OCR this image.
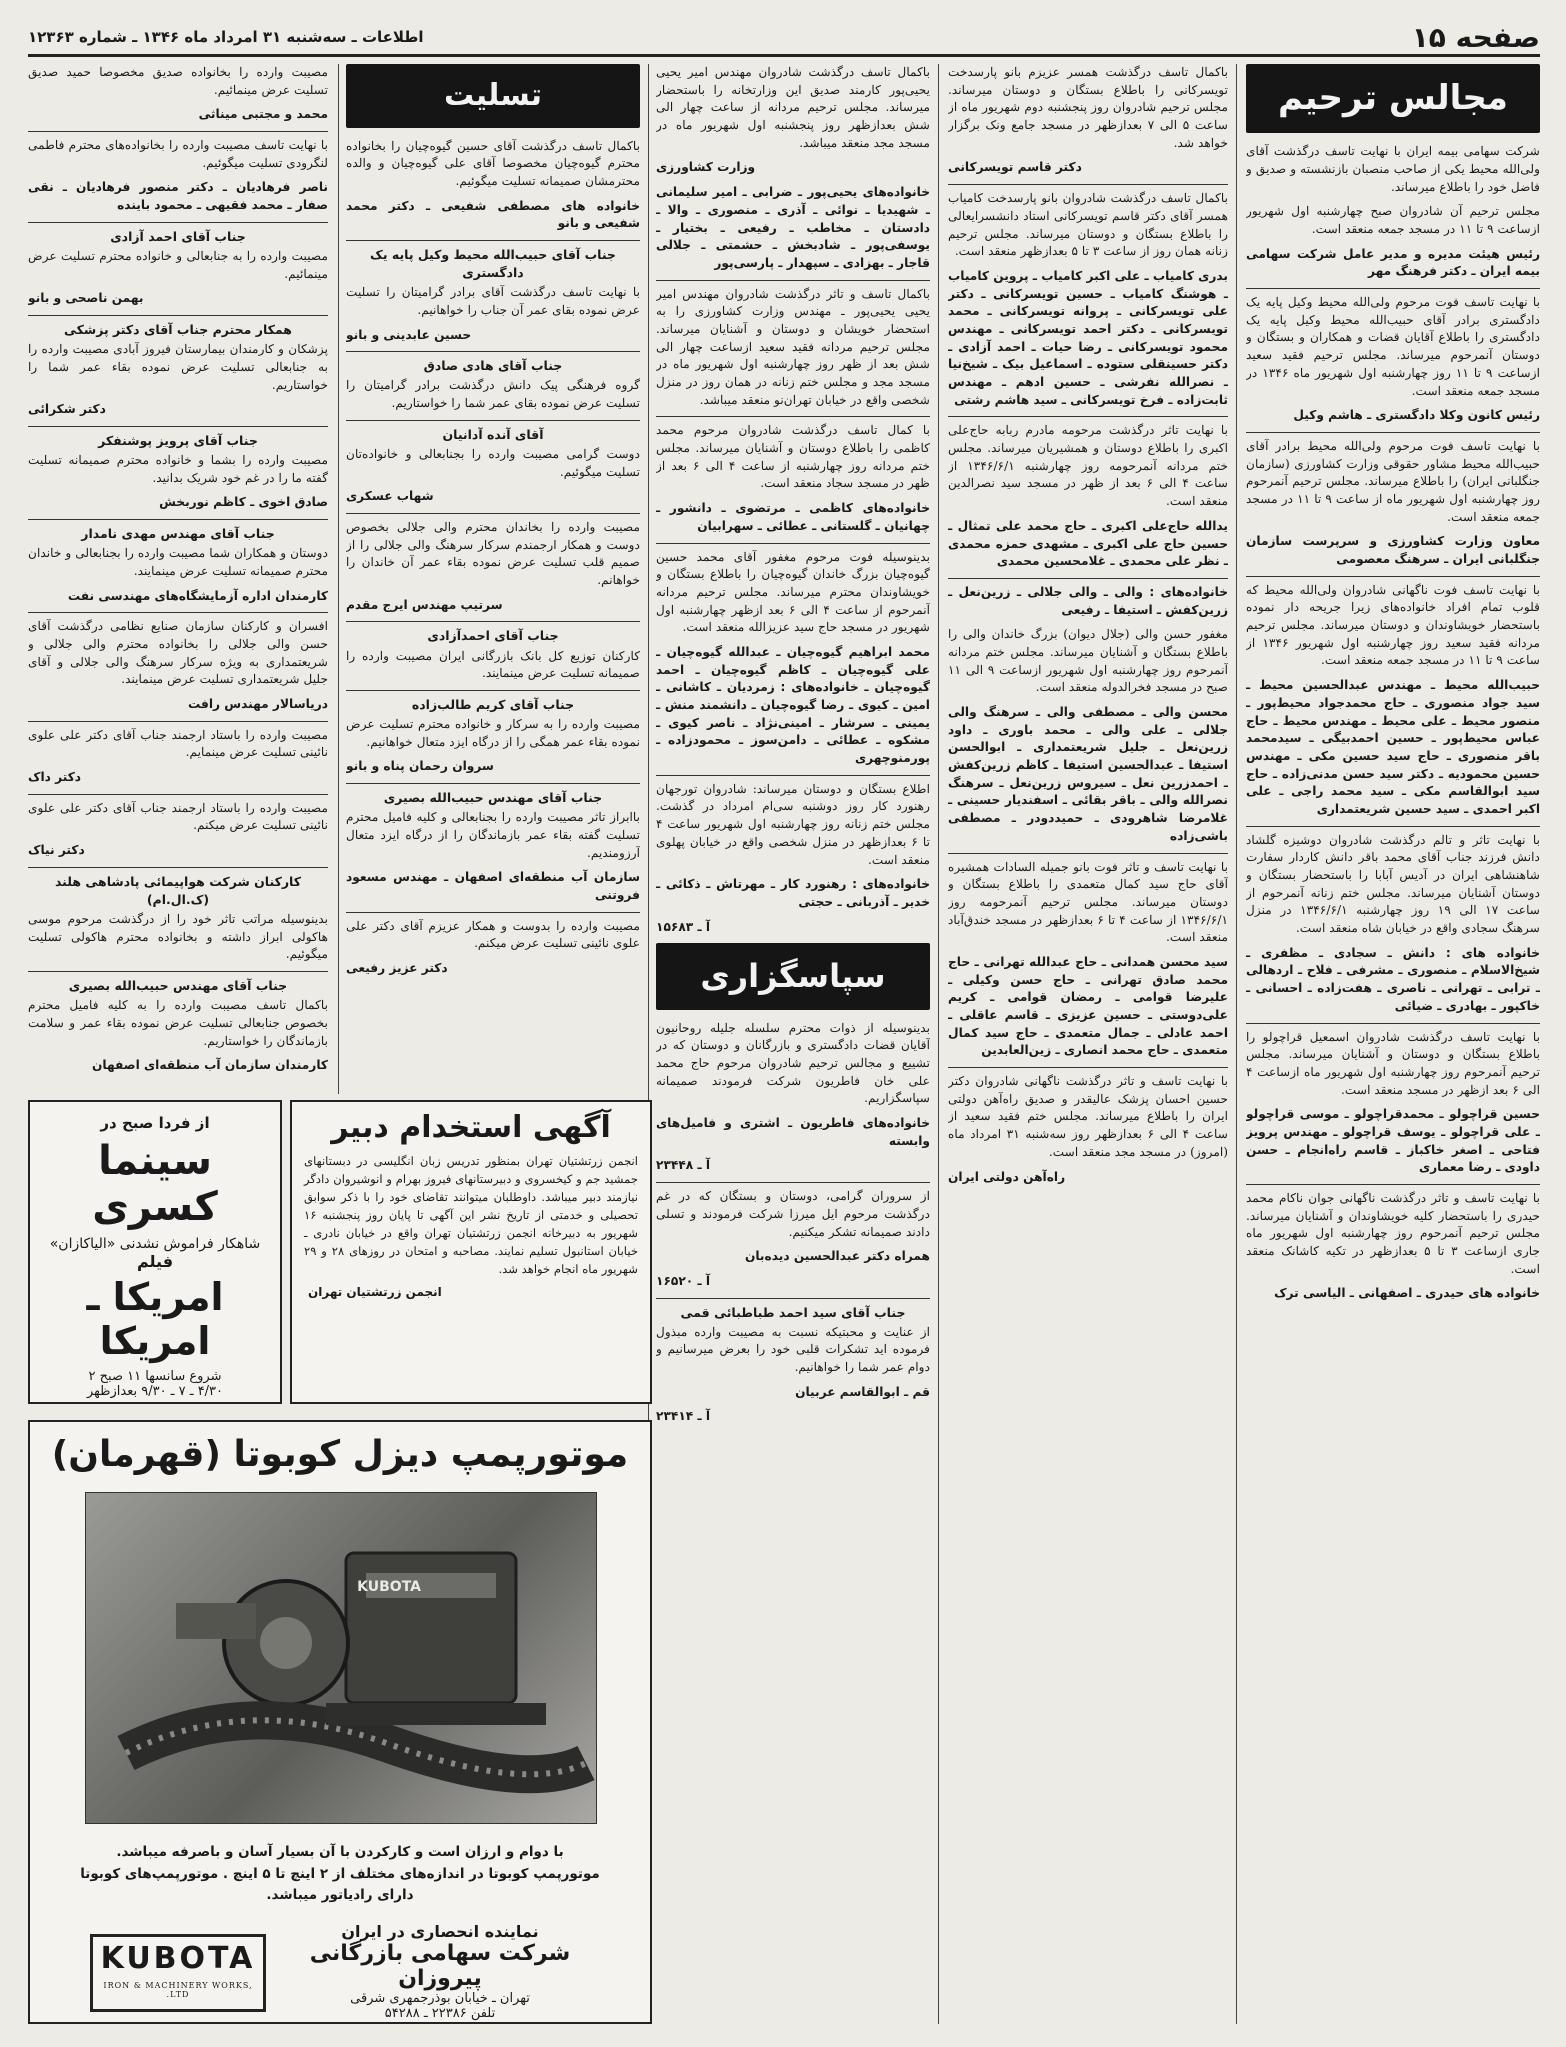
صفحه ۱۵
اطلاعات ـ سه‌شنبه ۳۱ امرداد ماه ۱۳۴۶ ـ شماره ۱۲۳۶۳
مجالس ترحیم

شرکت سهامی بیمه ایران با نهایت تاسف درگذشت آقای ولی‌الله محیط یکی از صاحب منصبان بازنشسته و صدیق و فاضل خود را باطلاع میرساند.

مجلس ترحیم آن شادروان صبح چهارشنبه اول شهریور ازساعت ۹ تا ۱۱ در مسجد جمعه منعقد است.

رئیس هیئت مدیره و مدیر عامل شرکت سهامی بیمه ایران ـ دکتر فرهنگ مهر

با نهایت تاسف فوت مرحوم ولی‌الله محیط وکیل پایه یک دادگستری برادر آقای حبیب‌الله محیط وکیل پایه یک دادگستری را باطلاع آقایان قضات و همکاران و بستگان و دوستان آنمرحوم میرساند. مجلس ترحیم فقید سعید ازساعت ۹ تا ۱۱ روز چهارشنبه اول شهریور ماه ۱۳۴۶ در مسجد جمعه منعقد است.

رئیس کانون وکلا دادگستری ـ هاشم وکیل

با نهایت تاسف فوت مرحوم ولی‌الله محیط برادر آقای حبیب‌الله محیط مشاور حقوقی وزارت کشاورزی (سازمان جنگلبانی ایران) را باطلاع میرساند. مجلس ترحیم آنمرحوم روز چهارشنبه اول شهریور ماه از ساعت ۹ تا ۱۱ در مسجد جمعه منعقد است.

معاون وزارت کشاورزی و سرپرست سازمان جنگلبانی ایران ـ سرهنگ معصومی

با نهایت تاسف فوت ناگهانی شادروان ولی‌الله محیط که قلوب تمام افراد خانواده‌های زیرا جریحه دار نموده باستحضار خویشاوندان و دوستان میرساند. مجلس ترحیم مردانه فقید سعید روز چهارشنبه اول شهریور ۱۳۴۶ از ساعت ۹ تا ۱۱ در مسجد جمعه منعقد است.

حبیب‌الله محیط ـ مهندس عبدالحسین محیط ـ سید جواد منصوری ـ حاج محمدجواد محیط‌پور ـ منصور محیط ـ علی محیط ـ مهندس محیط ـ حاج عباس محیط‌پور ـ حسین احمدبیگی ـ سیدمحمد باقر منصوری ـ حاج سید حسین مکی ـ مهندس حسین محمودیه ـ دکتر سید حسن مدنی‌زاده ـ حاج سید ابوالقاسم مکی ـ سید محمد راجی ـ علی اکبر احمدی ـ سید حسین شریعتمداری

با نهایت تاثر و تالم درگذشت شادروان دوشیزه گلشاد دانش فرزند جناب آقای محمد باقر دانش کاردار سفارت شاهنشاهی ایران در آدیس آبابا را باستحضار بستگان و دوستان آشنایان میرساند. مجلس ختم زنانه آنمرحوم از ساعت ۱۷ الی ۱۹ روز چهارشنبه ۱۳۴۶/۶/۱ در منزل سرهنگ سجادی واقع در خیابان شاه منعقد است.

خانواده های : دانش ـ سجادی ـ مظفری ـ شیخ‌الاسلام ـ منصوری ـ مشرفی ـ فلاح ـ اردهالی ـ ترابی ـ تهرانی ـ ناصری ـ هفت‌زاده ـ احسانی ـ خاکپور ـ بهادری ـ ضیائی

با نهایت تاسف درگذشت شادروان اسمعیل قراچولو را باطلاع بستگان و دوستان و آشنایان میرساند. مجلس ترحیم آنمرحوم روز چهارشنبه اول شهریور ماه ازساعت ۴ الی ۶ بعد ازظهر در مسجد منعقد است.

حسین قراچولو ـ محمدقراچولو ـ موسی قراچولو ـ علی قراچولو ـ یوسف قراچولو ـ مهندس پرویز فتاحی ـ اصغر خاکباز ـ قاسم راه‌انجام ـ حسن داودی ـ رضا معماری

با نهایت تاسف و تاثر درگذشت ناگهانی جوان ناکام محمد حیدری را باستحضار کلیه خویشاوندان و آشنایان میرساند. مجلس ترحیم آنمرحوم روز چهارشنبه اول شهریور ماه جاری ازساعت ۳ تا ۵ بعدازظهر در تکیه کاشانک منعقد است.

خانواده های حیدری ـ اصفهانی ـ الیاسی ترک

باکمال تاسف درگذشت همسر عزیزم بانو پارسدخت تویسرکانی را باطلاع بستگان و دوستان میرساند. مجلس ترحیم شادروان روز پنجشنبه دوم شهریور ماه از ساعت ۵ الی ۷ بعدازظهر در مسجد جامع ونک برگزار خواهد شد.

دکتر قاسم تویسرکانی

باکمال تاسف درگذشت شادروان بانو پارسدخت کامیاب همسر آقای دکتر قاسم تویسرکانی استاد دانشسرایعالی را باطلاع بستگان و دوستان میرساند. مجلس ترحیم زنانه همان روز از ساعت ۳ تا ۵ بعدازظهر منعقد است.

بدری کامیاب ـ علی اکبر کامیاب ـ پروین کامیاب ـ هوشنگ کامیاب ـ حسین تویسرکانی ـ دکتر علی تویسرکانی ـ پروانه تویسرکانی ـ محمد تویسرکانی ـ دکتر احمد تویسرکانی ـ مهندس محمود تویسرکانی ـ رضا حیات ـ احمد آزادی ـ دکتر حسینقلی ستوده ـ اسماعیل بیک ـ شیخ‌نیا ـ نصرالله نفرشی ـ حسین ادهم ـ مهندس ثابت‌زاده ـ فرخ تویسرکانی ـ سید هاشم رشتی

با نهایت تاثر درگذشت مرحومه مادرم ربابه حاج‌علی اکبری را باطلاع دوستان و همشیریان میرساند. مجلس ختم مردانه آنمرحومه روز چهارشنبه ۱۳۴۶/۶/۱ از ساعت ۴ الی ۶ بعد از ظهر در مسجد سید نصرالدین منعقد است.

یدالله حاج‌علی اکبری ـ حاج محمد علی تمثال ـ حسین حاج علی اکبری ـ مشهدی حمزه محمدی ـ نظر علی محمدی ـ غلامحسین محمدی

خانواده‌های : والی ـ والی جلالی ـ زرین‌نعل ـ زرین‌کفش ـ استیفا ـ رفیعی

مغفور حسن والی (جلال دیوان) بزرگ خاندان والی را باطلاع بستگان و آشنایان میرساند. مجلس ختم مردانه آنمرحوم روز چهارشنبه اول شهریور ازساعت ۹ الی ۱۱ صبح در مسجد فخرالدوله منعقد است.

محسن والی ـ مصطفی والی ـ سرهنگ والی جلالی ـ علی والی ـ محمد باوری ـ داود زرین‌نعل ـ جلیل شریعتمداری ـ ابوالحسن استیفا ـ عبدالحسین استیفا ـ کاظم زرین‌کفش ـ احمدزرین نعل ـ سیروس زرین‌نعل ـ سرهنگ نصرالله والی ـ باقر بقائی ـ اسفندیار حسینی ـ غلامرضا شاهرودی ـ حمیددودر ـ مصطفی باشی‌زاده

با نهایت تاسف و تاثر فوت بانو جمیله السادات همشیره آقای حاج سید کمال متعمدی را باطلاع بستگان و دوستان میرساند. مجلس ترحیم آنمرحومه روز ۱۳۴۶/۶/۱ از ساعت ۴ تا ۶ بعدازظهر در مسجد خندق‌آباد منعقد است.

سید محسن همدانی ـ حاج عبدالله تهرانی ـ حاج محمد صادق تهرانی ـ حاج حسن وکیلی ـ علیرضا قوامی ـ رمضان قوامی ـ کریم علی‌دوستی ـ حسین عزیزی ـ قاسم عاقلی ـ احمد عادلی ـ جمال متعمدی ـ حاج سید کمال متعمدی ـ حاج محمد انصاری ـ زین‌العابدین

با نهایت تاسف و تاثر درگذشت ناگهانی شادروان دکتر حسین احسان پزشک عالیقدر و صدیق راه‌آهن دولتی ایران را باطلاع میرساند. مجلس ختم فقید سعید از ساعت ۴ الی ۶ بعدازظهر روز سه‌شنبه ۳۱ امرداد ماه (امروز) در مسجد مجد منعقد است.

راه‌آهن دولتی ایران

باکمال تاسف درگذشت شادروان مهندس امیر یحیی یحیی‌پور کارمند صدیق این وزارتخانه را باستحضار میرساند. مجلس ترحیم مردانه از ساعت چهار الی شش بعدازظهر روز پنجشنبه اول شهریور ماه در مسجد مجد منعقد میباشد.

وزارت کشاورزی

خانواده‌های یحیی‌پور ـ ضرابی ـ امیر سلیمانی ـ شهیدیا ـ نوائی ـ آذری ـ منصوری ـ والا ـ دادستان ـ مخاطب ـ رفیعی ـ بختیار ـ یوسفی‌پور ـ شادبخش ـ حشمتی ـ جلالی قاجار ـ بهزادی ـ سپهدار ـ پارسی‌پور

باکمال تاسف و تاثر درگذشت شادروان مهندس امیر یحیی یحیی‌پور ـ مهندس وزارت کشاورزی را به استحضار خویشان و دوستان و آشنایان میرساند. مجلس ترحیم مردانه فقید سعید ازساعت چهار الی شش بعد از ظهر روز چهارشنبه اول شهریور ماه در مسجد مجد و مجلس ختم زنانه در همان روز در منزل شخصی واقع در خیابان تهران‌نو منعقد میباشد.

با کمال تاسف درگذشت شادروان مرحوم محمد کاظمی را باطلاع دوستان و آشنایان میرساند. مجلس ختم مردانه روز چهارشنبه از ساعت ۴ الی ۶ بعد از ظهر در مسجد سجاد منعقد است.

خانواده‌های کاظمی ـ مرتضوی ـ دانشور ـ چهانیان ـ گلستانی ـ عطائی ـ سهرابیان

بدینوسیله فوت مرحوم مغفور آقای محمد حسین گیوه‌چیان بزرگ خاندان گیوه‌چیان را باطلاع بستگان و خویشاوندان محترم میرساند. مجلس ترحیم مردانه آنمرحوم از ساعت ۴ الی ۶ بعد ازظهر چهارشنبه اول شهریور در مسجد حاج سید عزیزالله منعقد است.

محمد ابراهیم گیوه‌چیان ـ عبدالله گیوه‌چیان ـ علی گیوه‌چیان ـ کاظم گیوه‌چیان ـ احمد گیوه‌چیان ـ خانواده‌های : زمردیان ـ کاشانی ـ امین ـ کیوی ـ رضا گیوه‌چیان ـ دانشمند منش ـ یمینی ـ سرشار ـ امینی‌نژاد ـ ناصر کیوی ـ مشکوه ـ عطائی ـ دامن‌سوز ـ محمودزاده ـ پورمنوچهری

اطلاع بستگان و دوستان میرساند: شادروان تورجهان رهنورد کار روز دوشنبه سی‌ام امرداد در گذشت. مجلس ختم زنانه روز چهارشنبه اول شهریور ساعت ۴ تا ۶ بعدازظهر در منزل شخصی واقع در خیابان پهلوی منعقد است.

خانواده‌های : رهنورد کار ـ مهرتاش ـ ذکائی ـ خدیر ـ آذربانی ـ حجتی

آ ـ ۱۵۶۸۳

سپاسگزاری

بدینوسیله از ذوات محترم سلسله جلیله روحانیون آقایان قضات دادگستری و بازرگانان و دوستان که در تشییع و مجالس ترحیم شادروان مرحوم حاج محمد علی خان فاطریون شرکت فرمودند صمیمانه سپاسگزاریم.

خانواده‌های فاطریون ـ اشتری و فامیل‌های وابسته

آ ـ ۲۳۴۴۸

از سروران گرامی، دوستان و بستگان که در غم درگذشت مرحوم ایل میرزا شرکت فرمودند و تسلی دادند صمیمانه تشکر میکنیم.

همراه دکتر عبدالحسین دیده‌بان

آ ـ ۱۶۵۲۰

جناب آقای سید احمد طباطبائی قمی

از عنایت و محبتیکه نسبت به مصیبت وارده مبذول فرموده اید تشکرات قلبی خود را بعرض میرسانیم و دوام عمر شما را خواهانیم.

قم ـ ابوالقاسم عربیان

آ ـ ۲۳۴۱۴

تسلیت

باکمال تاسف درگذشت آقای حسین گیوه‌چیان را بخانواده محترم گیوه‌چیان مخصوصا آقای علی گیوه‌چیان و والده محترمشان صمیمانه تسلیت میگوئیم.

خانواده های مصطفی شفیعی ـ دکتر محمد شفیعی و بانو

جناب آقای حبیب‌الله محیط وکیل پایه یک دادگستری

با نهایت تاسف درگذشت آقای برادر گرامیتان را تسلیت عرض نموده بقای عمر آن جناب را خواهانیم.

حسین عابدینی و بانو

جناب آقای هادی صادق

گروه فرهنگی پیک دانش درگذشت برادر گرامیتان را تسلیت عرض نموده بقای عمر شما را خواستاریم.

آقای آنده آدانیان

دوست گرامی مصیبت وارده را بجنابعالی و خانواده‌تان تسلیت میگوئیم.

شهاب عسکری

مصیبت وارده را بخاندان محترم والی جلالی بخصوص دوست و همکار ارجمندم سرکار سرهنگ والی جلالی را از صمیم قلب تسلیت عرض نموده بقاء عمر آن خاندان را خواهانم.

سرتیپ مهندس ایرج مقدم

جناب آقای احمدآزادی

کارکنان توزیع کل بانک بازرگانی ایران مصیبت وارده را صمیمانه تسلیت عرض مینمایند.

جناب آقای کریم طالب‌زاده

مصیبت وارده را به سرکار و خانواده محترم تسلیت عرض نموده بقاء عمر همگی را از درگاه ایزد متعال خواهانیم.

سروان رحمان پناه و بانو

جناب آقای مهندس حبیب‌الله بصیری

باابراز تاثر مصیبت وارده را بجنابعالی و کلیه فامیل محترم تسلیت گفته بقاء عمر بازماندگان را از درگاه ایزد متعال آرزومندیم.

سازمان آب منطقه‌ای اصفهان ـ مهندس مسعود فروتنی

مصیبت وارده را بدوست و همکار عزیزم آقای دکتر علی علوی نائینی تسلیت عرض میکنم.

دکتر عزیز رفیعی

مصیبت وارده را بخانواده صدیق مخصوصا حمید صدیق تسلیت عرض مینمائیم.

محمد و مجتبی میناثی

با نهایت تاسف مصیبت وارده را بخانواده‌های محترم فاطمی لنگرودی تسلیت میگوئیم.

ناصر فرهادیان ـ دکتر منصور فرهادیان ـ نقی صفار ـ محمد فقیهی ـ محمود باینده

جناب آقای احمد آزادی

مصیبت وارده را به جنابعالی و خانواده محترم تسلیت عرض مینمائیم.

بهمن ناصحی و بانو

همکار محترم جناب آقای دکتر پزشکی

پزشکان و کارمندان بیمارستان فیروز آبادی مصیبت وارده را به جنابعالی تسلیت عرض نموده بقاء عمر شما را خواستاریم.

دکتر شکرائی

جناب آقای پرویز پوشنفکر

مصیبت وارده را بشما و خانواده محترم صمیمانه تسلیت گفته ما را در غم خود شریک بدانید.

صادق اخوی ـ کاظم نوربخش

جناب آقای مهندس مهدی نامدار

دوستان و همکاران شما مصیبت وارده را بجنابعالی و خاندان محترم صمیمانه تسلیت عرض مینمایند.

کارمندان اداره آزمایشگاه‌های مهندسی نفت

افسران و کارکنان سازمان صنایع نظامی درگذشت آقای حسن والی جلالی را بخانواده محترم والی جلالی و شریعتمداری به ویژه سرکار سرهنگ والی جلالی و آقای جلیل شریعتمداری تسلیت عرض مینمایند.

دریاسالار مهندس رافت

مصیبت وارده را باستاد ارجمند جناب آقای دکتر علی علوی نائینی تسلیت عرض مینمایم.

دکتر داک

مصیبت وارده را باستاد ارجمند جناب آقای دکتر علی علوی نائینی تسلیت عرض میکنم.

دکتر نیاک

کارکنان شرکت هواپیمائی پادشاهی هلند (ک.ال.ام)

بدینوسیله مراتب تاثر خود را از درگذشت مرحوم موسی هاکولی ابراز داشته و بخانواده محترم هاکولی تسلیت میگوئیم.

جناب آقای مهندس حبیب‌الله بصیری

باکمال تاسف مصیبت وارده را به کلیه فامیل محترم بخصوص جنابعالی تسلیت عرض نموده بقاء عمر و سلامت بازماندگان را خواستاریم.

کارمندان سازمان آب منطقه‌ای اصفهان

از فردا صبح در
سینما کسری
شاهکار فراموش نشدنی «الیاکازان»
فیلم
امریکا ـ امریکا
شروع سانسها ۱۱ صبح ۲
۴/۳۰ ـ ۷ ـ ۹/۳۰ بعدازظهر
آگهی استخدام دبیر
انجمن زرتشتیان تهران بمنظور تدریس زبان انگلیسی در دبستانهای جمشید جم و کیخسروی و دبیرستانهای فیروز بهرام و انوشیروان دادگر نیازمند دبیر میباشد. داوطلبان میتوانند تقاضای خود را با ذکر سوابق تحصیلی و خدمتی از تاریخ نشر این آگهی تا پایان روز پنجشنبه ۱۶ شهریور به دبیرخانه انجمن زرتشتیان تهران واقع در خیابان نادری ـ خیابان استانبول تسلیم نمایند. مصاحبه و امتحان در روزهای ۲۸ و ۲۹ شهریور ماه انجام خواهد شد.
انجمن زرتشتیان تهران
موتورپمپ دیزل کوبوتا (قهرمان)
KUBOTA
با دوام و ارزان است و کارکردن با آن بسیار آسان و باصرفه میباشد.
موتورپمپ کوبوتا در اندازه‌های مختلف از ۲ اینچ تا ۵ اینچ . موتورپمپ‌های کوبوتا دارای رادیاتور میباشد.
نماینده انحصاری در ایران
شرکت سهامی بازرگانی پیروزان
تهران ـ خیابان بوذرجمهری شرقی
تلفن ۲۲۳۸۶ ـ ۵۴۲۸۸
KUBOTA
IRON & MACHINERY WORKS, LTD.
